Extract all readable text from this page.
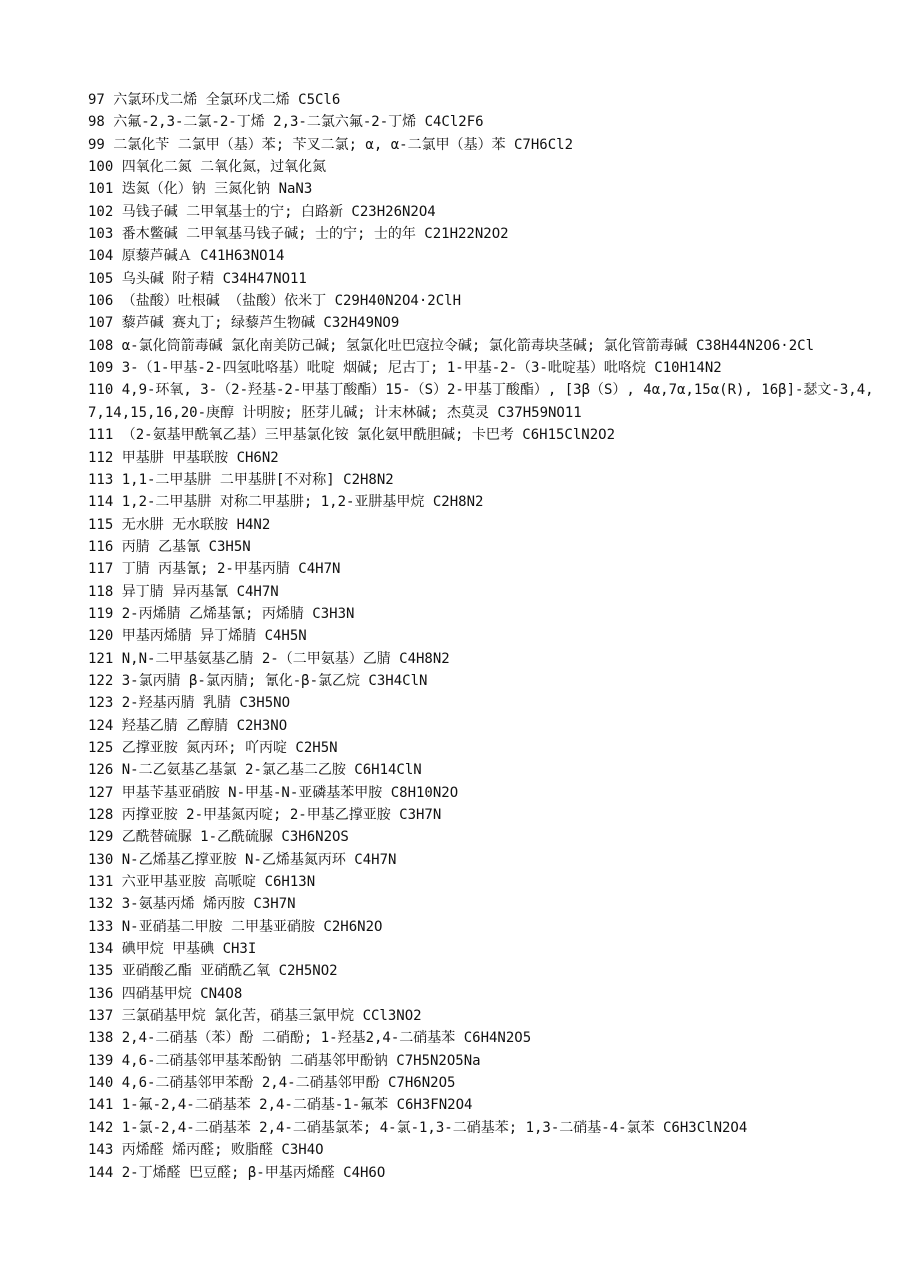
97 六氯环戊二烯 全氯环戊二烯 C5Cl6
98 六氟-2,3-二氯-2-丁烯 2,3-二氯六氟-2-丁烯 C4Cl2F6
99 二氯化苄 二氯甲（基）苯; 苄叉二氯; α, α-二氯甲（基）苯 C7H6Cl2
100 四氧化二氮 二氧化氮，过氧化氮
101 迭氮（化）钠 三氮化钠 NaN3
102 马钱子碱 二甲氧基士的宁; 白路新 C23H26N2O4
103 番木鳖碱 二甲氧基马钱子碱; 士的宁; 士的年 C21H22N2O2
104 原藜芦碱Ａ C41H63NO14
105 乌头碱 附子精 C34H47NO11
106 （盐酸）吐根碱 （盐酸）依米丁 C29H40N2O4·2ClH
107 藜芦碱 赛丸丁; 绿藜芦生物碱 C32H49NO9
108 α-氯化筒箭毒碱 氯化南美防己碱; 氢氯化吐巴寇拉令碱; 氯化箭毒块茎碱; 氯化管箭毒碱 C38H44N2O6·2Cl
109 3-（1-甲基-2-四氢吡咯基）吡啶 烟碱; 尼古丁; 1-甲基-2-（3-吡啶基）吡咯烷 C10H14N2
110 4,9-环氧, 3-（2-羟基-2-甲基丁酸酯）15-（S）2-甲基丁酸酯）, [3β（S）, 4α,7α,15α(R), 16β]-瑟文-3,4,7,14,15,16,20-庚醇 计明胺; 胚芽儿碱; 计末林碱; 杰莫灵 C37H59NO11
111 （2-氨基甲酰氧乙基）三甲基氯化铵 氯化氨甲酰胆碱; 卡巴考 C6H15ClN2O2
112 甲基肼 甲基联胺 CH6N2
113 1,1-二甲基肼 二甲基肼[不对称] C2H8N2
114 1,2-二甲基肼 对称二甲基肼; 1,2-亚肼基甲烷 C2H8N2
115 无水肼 无水联胺 H4N2
116 丙腈 乙基氰 C3H5N
117 丁腈 丙基氰; 2-甲基丙腈 C4H7N
118 异丁腈 异丙基氰 C4H7N
119 2-丙烯腈 乙烯基氰; 丙烯腈 C3H3N
120 甲基丙烯腈 异丁烯腈 C4H5N
121 N,N-二甲基氨基乙腈 2-（二甲氨基）乙腈 C4H8N2
122 3-氯丙腈 β-氯丙腈; 氰化-β-氯乙烷 C3H4ClN
123 2-羟基丙腈 乳腈 C3H5NO
124 羟基乙腈 乙醇腈 C2H3NO
125 乙撑亚胺 氮丙环; 吖丙啶 C2H5N
126 N-二乙氨基乙基氯 2-氯乙基二乙胺 C6H14ClN
127 甲基苄基亚硝胺 N-甲基-N-亚磷基苯甲胺 C8H10N2O
128 丙撑亚胺 2-甲基氮丙啶; 2-甲基乙撑亚胺 C3H7N
129 乙酰替硫脲 1-乙酰硫脲 C3H6N2OS
130 N-乙烯基乙撑亚胺 N-乙烯基氮丙环 C4H7N
131 六亚甲基亚胺 高哌啶 C6H13N
132 3-氨基丙烯 烯丙胺 C3H7N
133 N-亚硝基二甲胺 二甲基亚硝胺 C2H6N2O
134 碘甲烷 甲基碘 CH3I
135 亚硝酸乙酯 亚硝酰乙氧 C2H5NO2
136 四硝基甲烷 CN4O8
137 三氯硝基甲烷 氯化苦，硝基三氯甲烷 CCl3NO2
138 2,4-二硝基（苯）酚 二硝酚; 1-羟基2,4-二硝基苯 C6H4N2O5
139 4,6-二硝基邻甲基苯酚钠 二硝基邻甲酚钠 C7H5N2O5Na
140 4,6-二硝基邻甲苯酚 2,4-二硝基邻甲酚 C7H6N2O5
141 1-氟-2,4-二硝基苯 2,4-二硝基-1-氟苯 C6H3FN2O4
142 1-氯-2,4-二硝基苯 2,4-二硝基氯苯; 4-氯-1,3-二硝基苯; 1,3-二硝基-4-氯苯 C6H3ClN2O4
143 丙烯醛 烯丙醛; 败脂醛 C3H4O
144 2-丁烯醛 巴豆醛; β-甲基丙烯醛 C4H6O
